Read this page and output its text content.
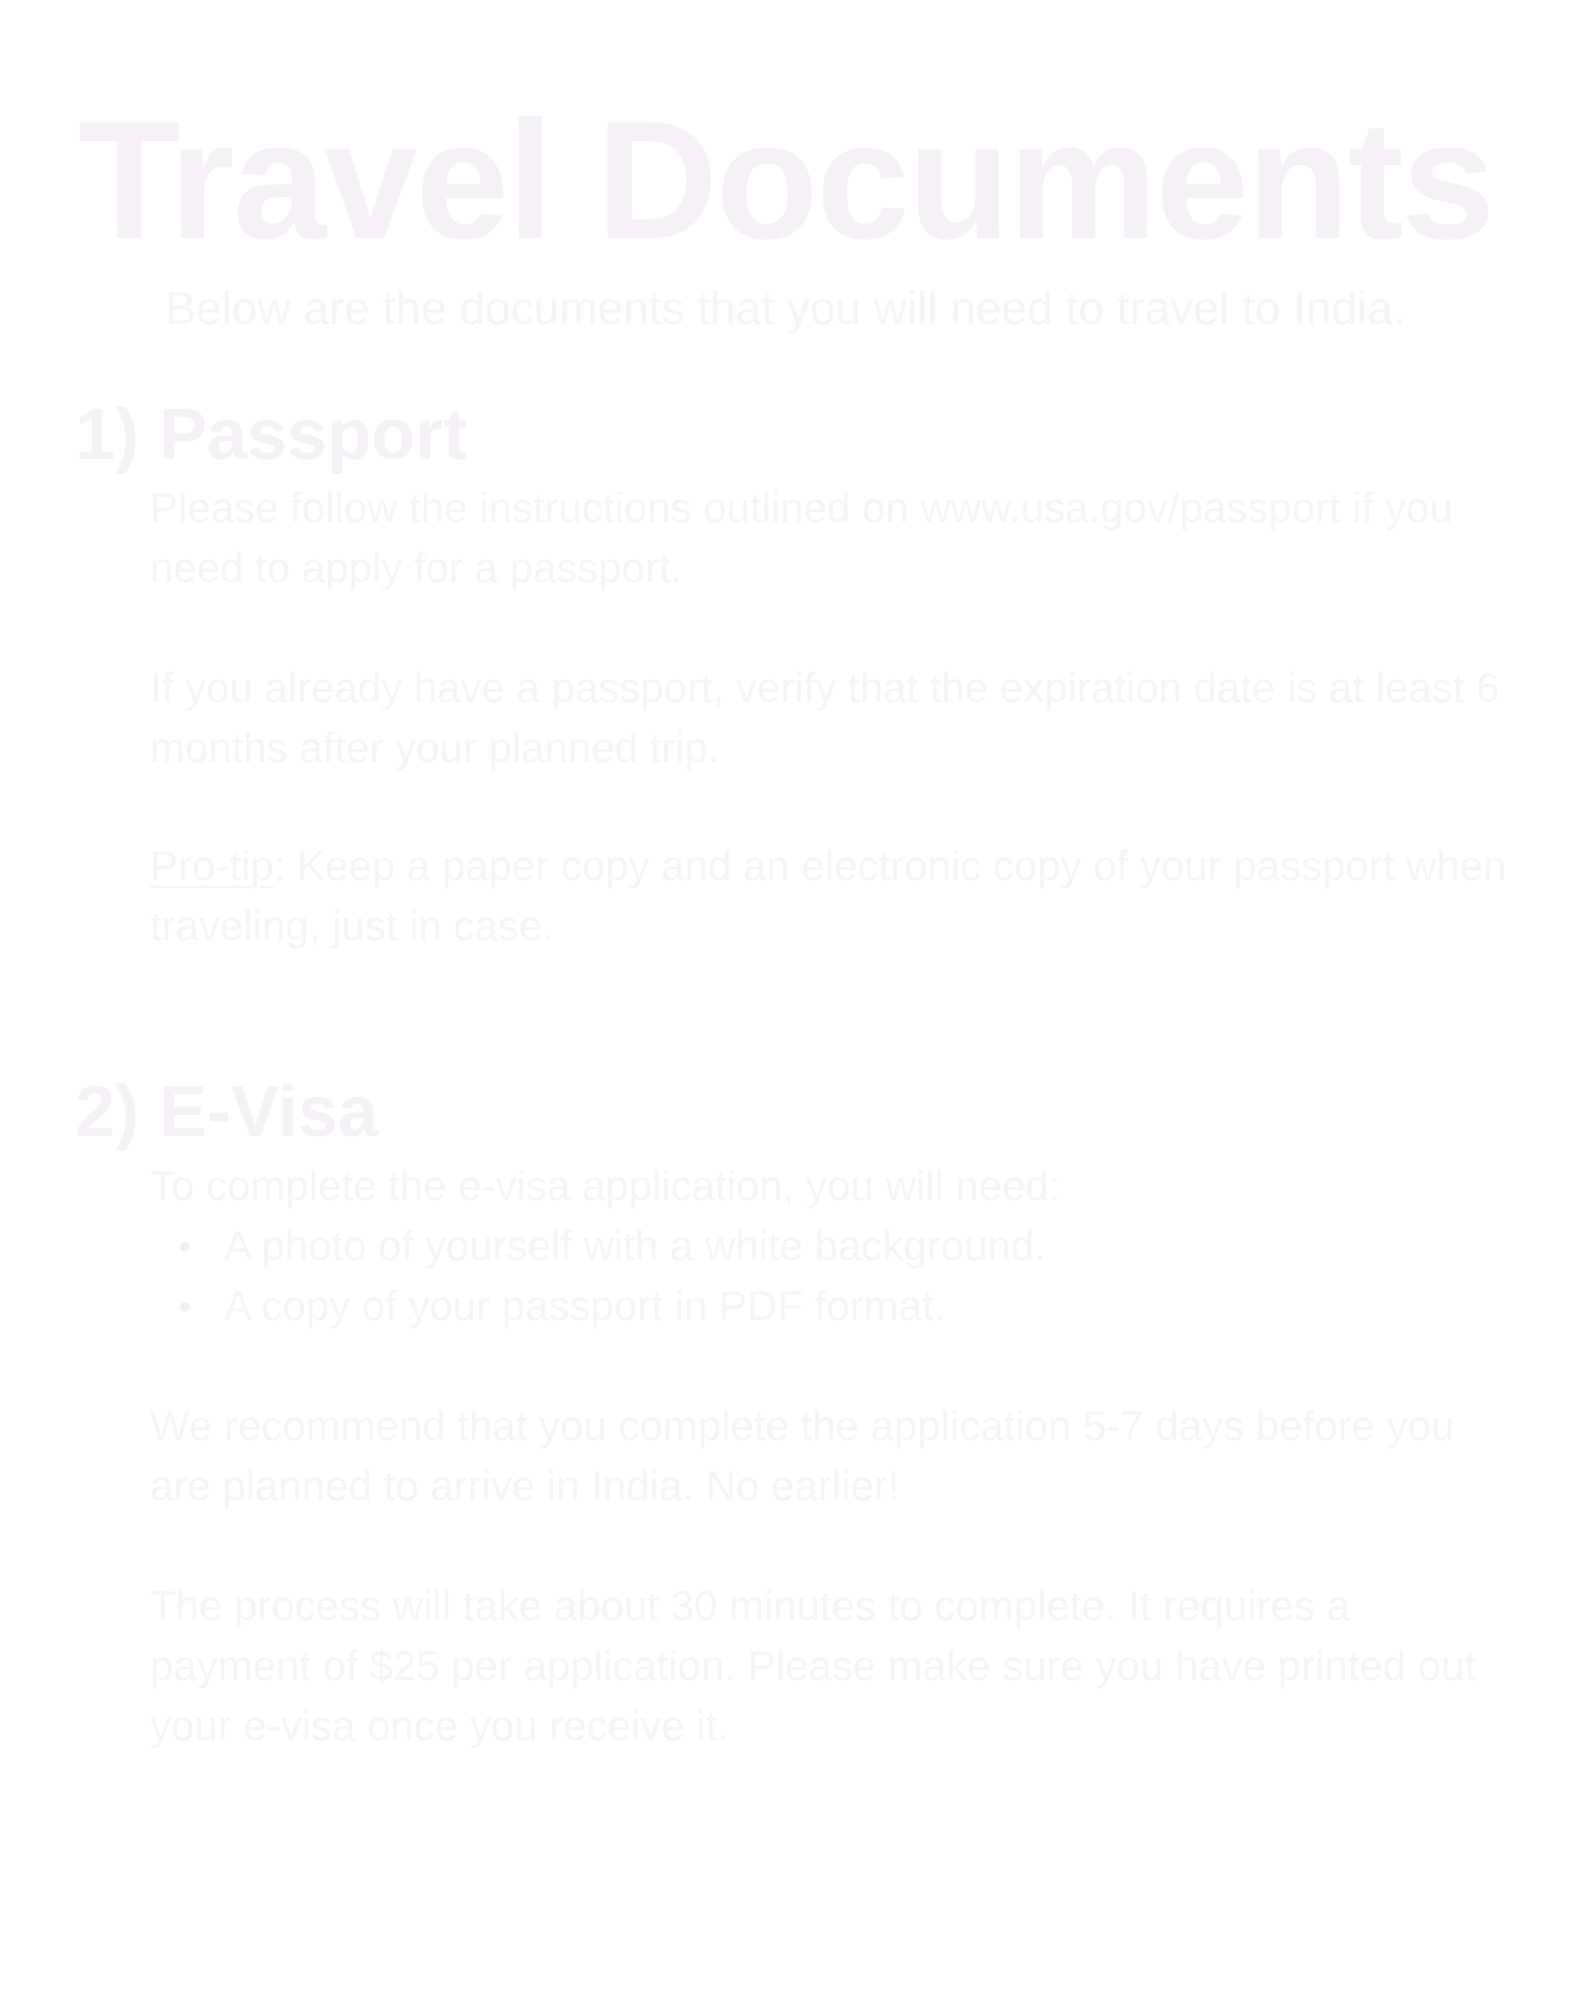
Travel Documents
Below are the documents that you will need to travel to India.
1) Passport

Please follow the instructions outlined on www.usa.gov/passport if you need to apply for a passport.

If you already have a passport, verify that the expiration date is at least 6 months after your planned trip.

Pro-tip: Keep a paper copy and an electronic copy of your passport when traveling, just in case.

2) E-Visa

To complete the e-visa application, you will need:

A photo of yourself with a white background.
A copy of your passport in PDF format.

We recommend that you complete the application 5-7 days before you are planned to arrive in India. No earlier!

The process will take about 30 minutes to complete. It requires a payment of $25 per application. Please make sure you have printed out your e-visa once you receive it.
